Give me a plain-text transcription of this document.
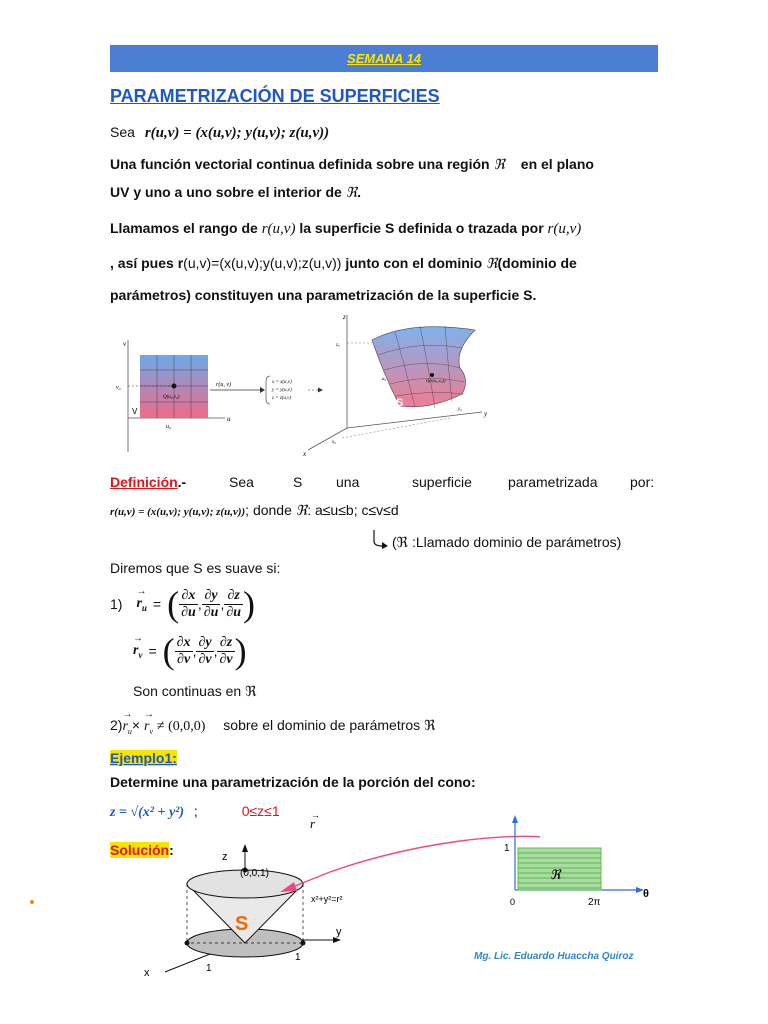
SEMANA 14
PARAMETRIZACIÓN DE SUPERFICIES
Sea r(u,v) = (x(u,v); y(u,v); z(u,v))
Una función vectorial continua definida sobre una región ℜ en el plano
UV y uno a uno sobre el interior de ℜ.
Llamamos el rango de r(u,v) la superficie S definida o trazada por r(u,v)
, así pues r(u,v)=(x(u,v);y(u,v);z(u,v)) junto con el dominio ℜ(dominio de
parámetros) constituyen una parametrización de la superficie S.
v
u
v₀
u₀
V
Q(u₀,v₀)
r(u, v)	x = x(u,v)
y = y(u,v)
z = z(u,v)
z
y
x
z₀
y₀
x₀
S
Q(r(u₀,v₀))
u₀
Definición.-	Sea	S una	superficie	parametrizada por:
r(u,v) = (x(u,v); y(u,v); z(u,v)); donde ℜ: a≤u≤b; c≤v≤d
(ℜ :Llamado dominio de parámetros)
Diremos que S es suave si:
1)
→ $r_u$ = ( $\frac{\partial x}{\partial u}$ , $\frac{\partial y}{\partial u}$ , $\frac{\partial z}{\partial u}$ )
→ $r_v$ = ( $\frac{\partial x}{\partial v}$ , $\frac{\partial y}{\partial v}$ , $\frac{\partial z}{\partial v}$ )
Son continuas en ℜ
$2)\to r_u\times \to r_v \ne (0,0,0)$ sobre el dominio de parámetros ℜ
Ejemplo1:
Determine una parametrización de la porción del cono:
z = √(x² + y²) ;	0≤z≤1
Solución:	z
y
x
(0,0,1)
S
x²+y²=r²
1
1
r
→
1
0	2π
θ
ℜ
Mg. Lic. Eduardo Huaccha Quiroz
